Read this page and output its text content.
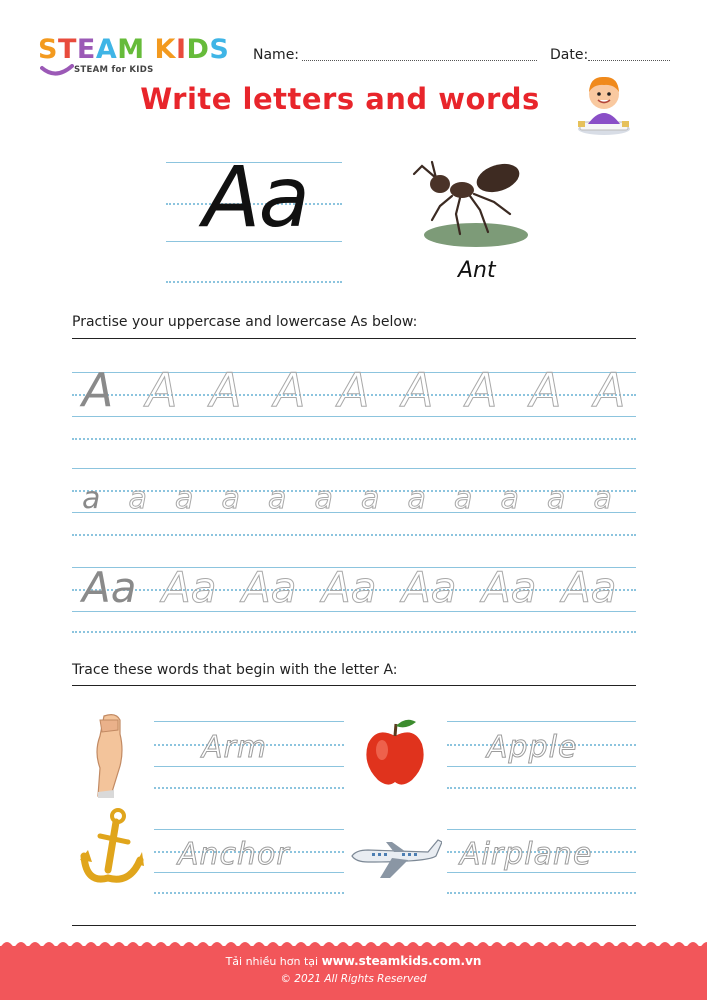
STEAM KIDS
STEAM for KIDS
Name:	Date:
Write letters and words
Aa
Ant
Practise your uppercase and lowercase As below:
A A A A A A A A A
a a a a a a a a a a a a
Aa Aa Aa Aa Aa Aa Aa
Trace these words that begin with the letter A:
Arm	Apple
Anchor	Airplane
Tải nhiều hơn tại www.steamkids.com.vn
© 2021 All Rights Reserved
